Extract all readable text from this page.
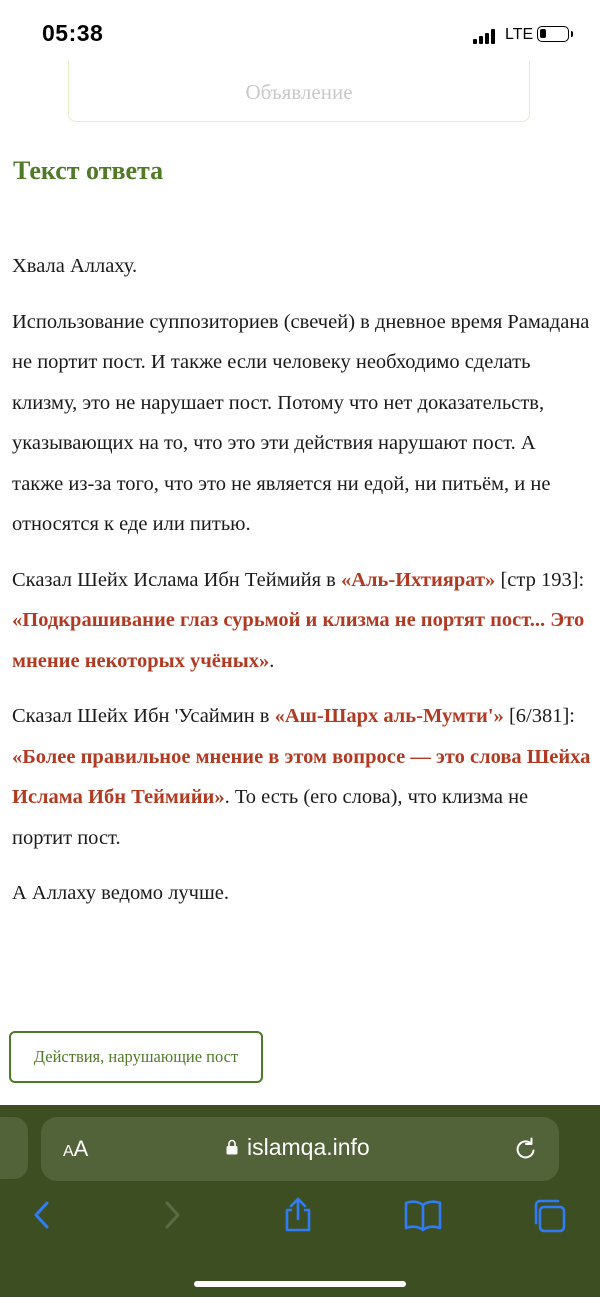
05:38	LTE
Объявление
Текст ответа

Хвала Аллаху.

Использование суппозиториев (свечей) в дневное время Рамадана не портит пост. И также если человеку необходимо сделать клизму, это не нарушает пост. Потому что нет доказательств, указывающих на то, что это эти действия нарушают пост. А также из-за того, что это не является ни едой, ни питьём, и не относятся к еде или питью.

Сказал Шейх Ислама Ибн Теймийя в «Аль-Ихтиярат» [стр 193]: «Подкрашивание глаз сурьмой и клизма не портят пост... Это мнение некоторых учёных».

Сказал Шейх Ибн 'Усаймин в «Аш-Шарх аль-Мумти'» [6/381]: «Более правильное мнение в этом вопросе — это слова Шейха Ислама Ибн Теймийи». То есть (его слова), что клизма не портит пост.

А Аллаху ведомо лучше.

Действия, нарушающие пост
AA	islamqa.info
